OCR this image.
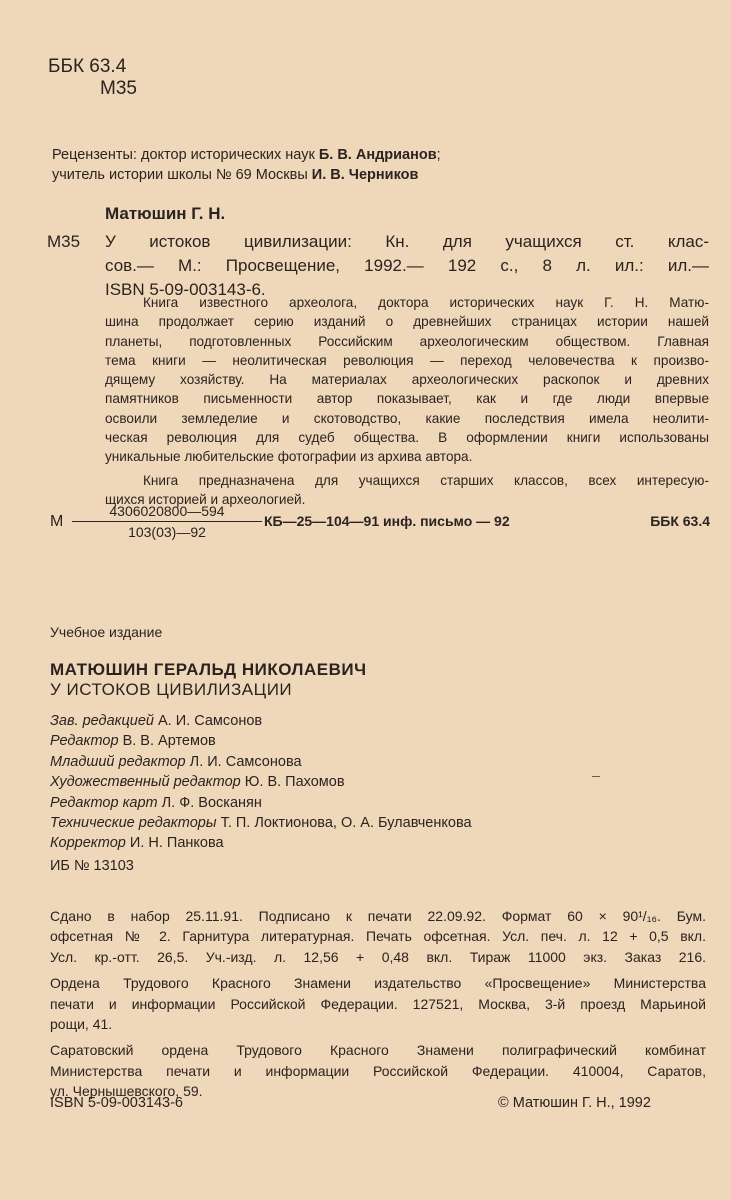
ББК 63.4
М35
Рецензенты: доктор исторических наук Б. В. Андрианов;
учитель истории школы № 69 Москвы И. В. Черников
Матюшин Г. Н.
М35 У истоков цивилизации: Кн. для учащихся ст. клас-
сов.— М.: Просвещение, 1992.— 192 с., 8 л. ил.: ил.—
ISBN 5-09-003143-6.
Книга известного археолога, доктора исторических наук Г. Н. Матю-
шина продолжает серию изданий о древнейших страницах истории нашей
планеты, подготовленных Российским археологическим обществом. Главная
тема книги — неолитическая революция — переход человечества к произво-
дящему хозяйству. На материалах археологических раскопок и древних
памятников письменности автор показывает, как и где люди впервые
освоили земледелие и скотоводство, какие последствия имела неолити-
ческая революция для судеб общества. В оформлении книги использованы
уникальные любительские фотографии из архива автора.
Книга предназначена для учащихся старших классов, всех интересую-
щихся историей и археологией.
М $\frac{4306020800—594}{103(03)—92}$ КБ—25—104—91 инф. письмо — 92	ББК 63.4
Учебное издание
МАТЮШИН ГЕРАЛЬД НИКОЛАЕВИЧ
У ИСТОКОВ ЦИВИЛИЗАЦИИ
Зав. редакцией А. И. Самсонов
Редактор В. В. Артемов
Младший редактор Л. И. Самсонова
Художественный редактор Ю. В. Пахомов
Редактор карт Л. Ф. Восканян
Технические редакторы Т. П. Локтионова, О. А. Булавченкова
Корректор И. Н. Панкова
ИБ № 13103
Сдано в набор 25.11.91. Подписано к печати 22.09.92. Формат 60 × 90¹/₁₆. Бум.
офсетная № 2. Гарнитура литературная. Печать офсетная. Усл. печ. л. 12 + 0,5 вкл.
Усл. кр.-отт. 26,5. Уч.-изд. л. 12,56 + 0,48 вкл. Тираж 11000 экз. Заказ 216.
Ордена Трудового Красного Знамени издательство «Просвещение» Министерства
печати и информации Российской Федерации. 127521, Москва, 3-й проезд Марьиной
рощи, 41.
Саратовский ордена Трудового Красного Знамени полиграфический комбинат
Министерства печати и информации Российской Федерации. 410004, Саратов,
ул. Чернышевского, 59.
ISBN 5-09-003143-6	© Матюшин Г. Н., 1992
